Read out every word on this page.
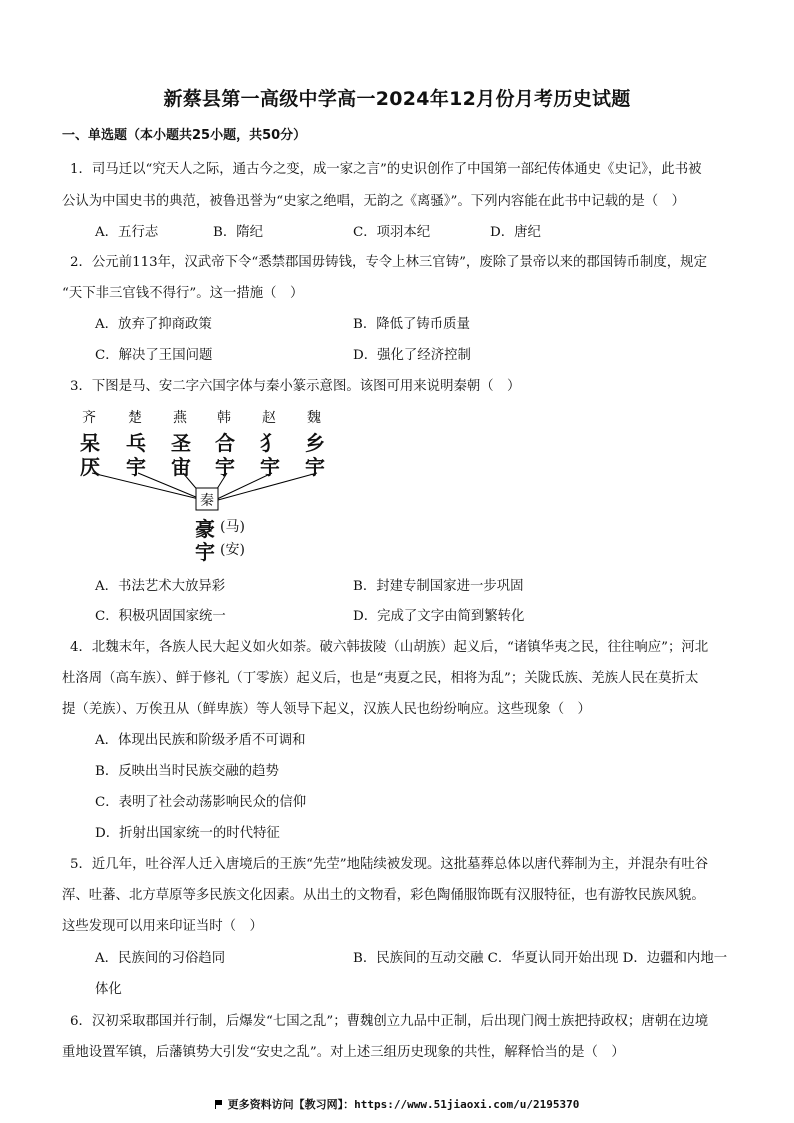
新蔡县第一高级中学高一2024年12月份月考历史试题
一、单选题（本小题共25小题，共50分）
1．司马迁以“究天人之际，通古今之变，成一家之言”的史识创作了中国第一部纪传体通史《史记》，此书被
公认为中国史书的典范，被鲁迅誉为“史家之绝唱，无韵之《离骚》”。下列内容能在此书中记载的是（　）
A．五行志	B．隋纪	C．项羽本纪	D．唐纪
2．公元前113年，汉武帝下令“悉禁郡国毋铸钱，专令上林三官铸”，废除了景帝以来的郡国铸币制度，规定
“天下非三官钱不得行”。这一措施（　）
A．放弃了抑商政策	B．降低了铸币质量
C．解决了王国问题	D．强化了经济控制
3．下图是马、安二字六国字体与秦小篆示意图。该图可用来说明秦朝（　）
齐 楚 燕 韩 赵 魏
呆 乓 圣 合 犭 乡
厌 宇 宙 宇 宇 宇
秦
豪 (马)
宇 (安)
A．书法艺术大放异彩	B．封建专制国家进一步巩固
C．积极巩固国家统一	D．完成了文字由简到繁转化
4．北魏末年，各族人民大起义如火如荼。破六韩拔陵（山胡族）起义后，“诸镇华夷之民，往往响应”；河北
杜洛周（高车族）、鲜于修礼（丁零族）起义后，也是“夷夏之民，相将为乱”；关陇氐族、羌族人民在莫折太
提（羌族）、万俟丑从（鲜卑族）等人领导下起义，汉族人民也纷纷响应。这些现象（　）
A．体现出民族和阶级矛盾不可调和
B．反映出当时民族交融的趋势
C．表明了社会动荡影响民众的信仰
D．折射出国家统一的时代特征
5．近几年，吐谷浑人迁入唐境后的王族“先茔”地陆续被发现。这批墓葬总体以唐代葬制为主，并混杂有吐谷
浑、吐蕃、北方草原等多民族文化因素。从出土的文物看，彩色陶俑服饰既有汉服特征，也有游牧民族风貌。
这些发现可以用来印证当时（　）
A．民族间的习俗趋同	B．民族间的互动交融 C．华夏认同开始出现 D．边疆和内地一
体化
6．汉初采取郡国并行制，后爆发“七国之乱”；曹魏创立九品中正制，后出现门阀士族把持政权；唐朝在边境
重地设置军镇，后藩镇势大引发“安史之乱”。对上述三组历史现象的共性，解释恰当的是（　）
更多资料访问【教习网】：https://www.51jiaoxi.com/u/2195370
